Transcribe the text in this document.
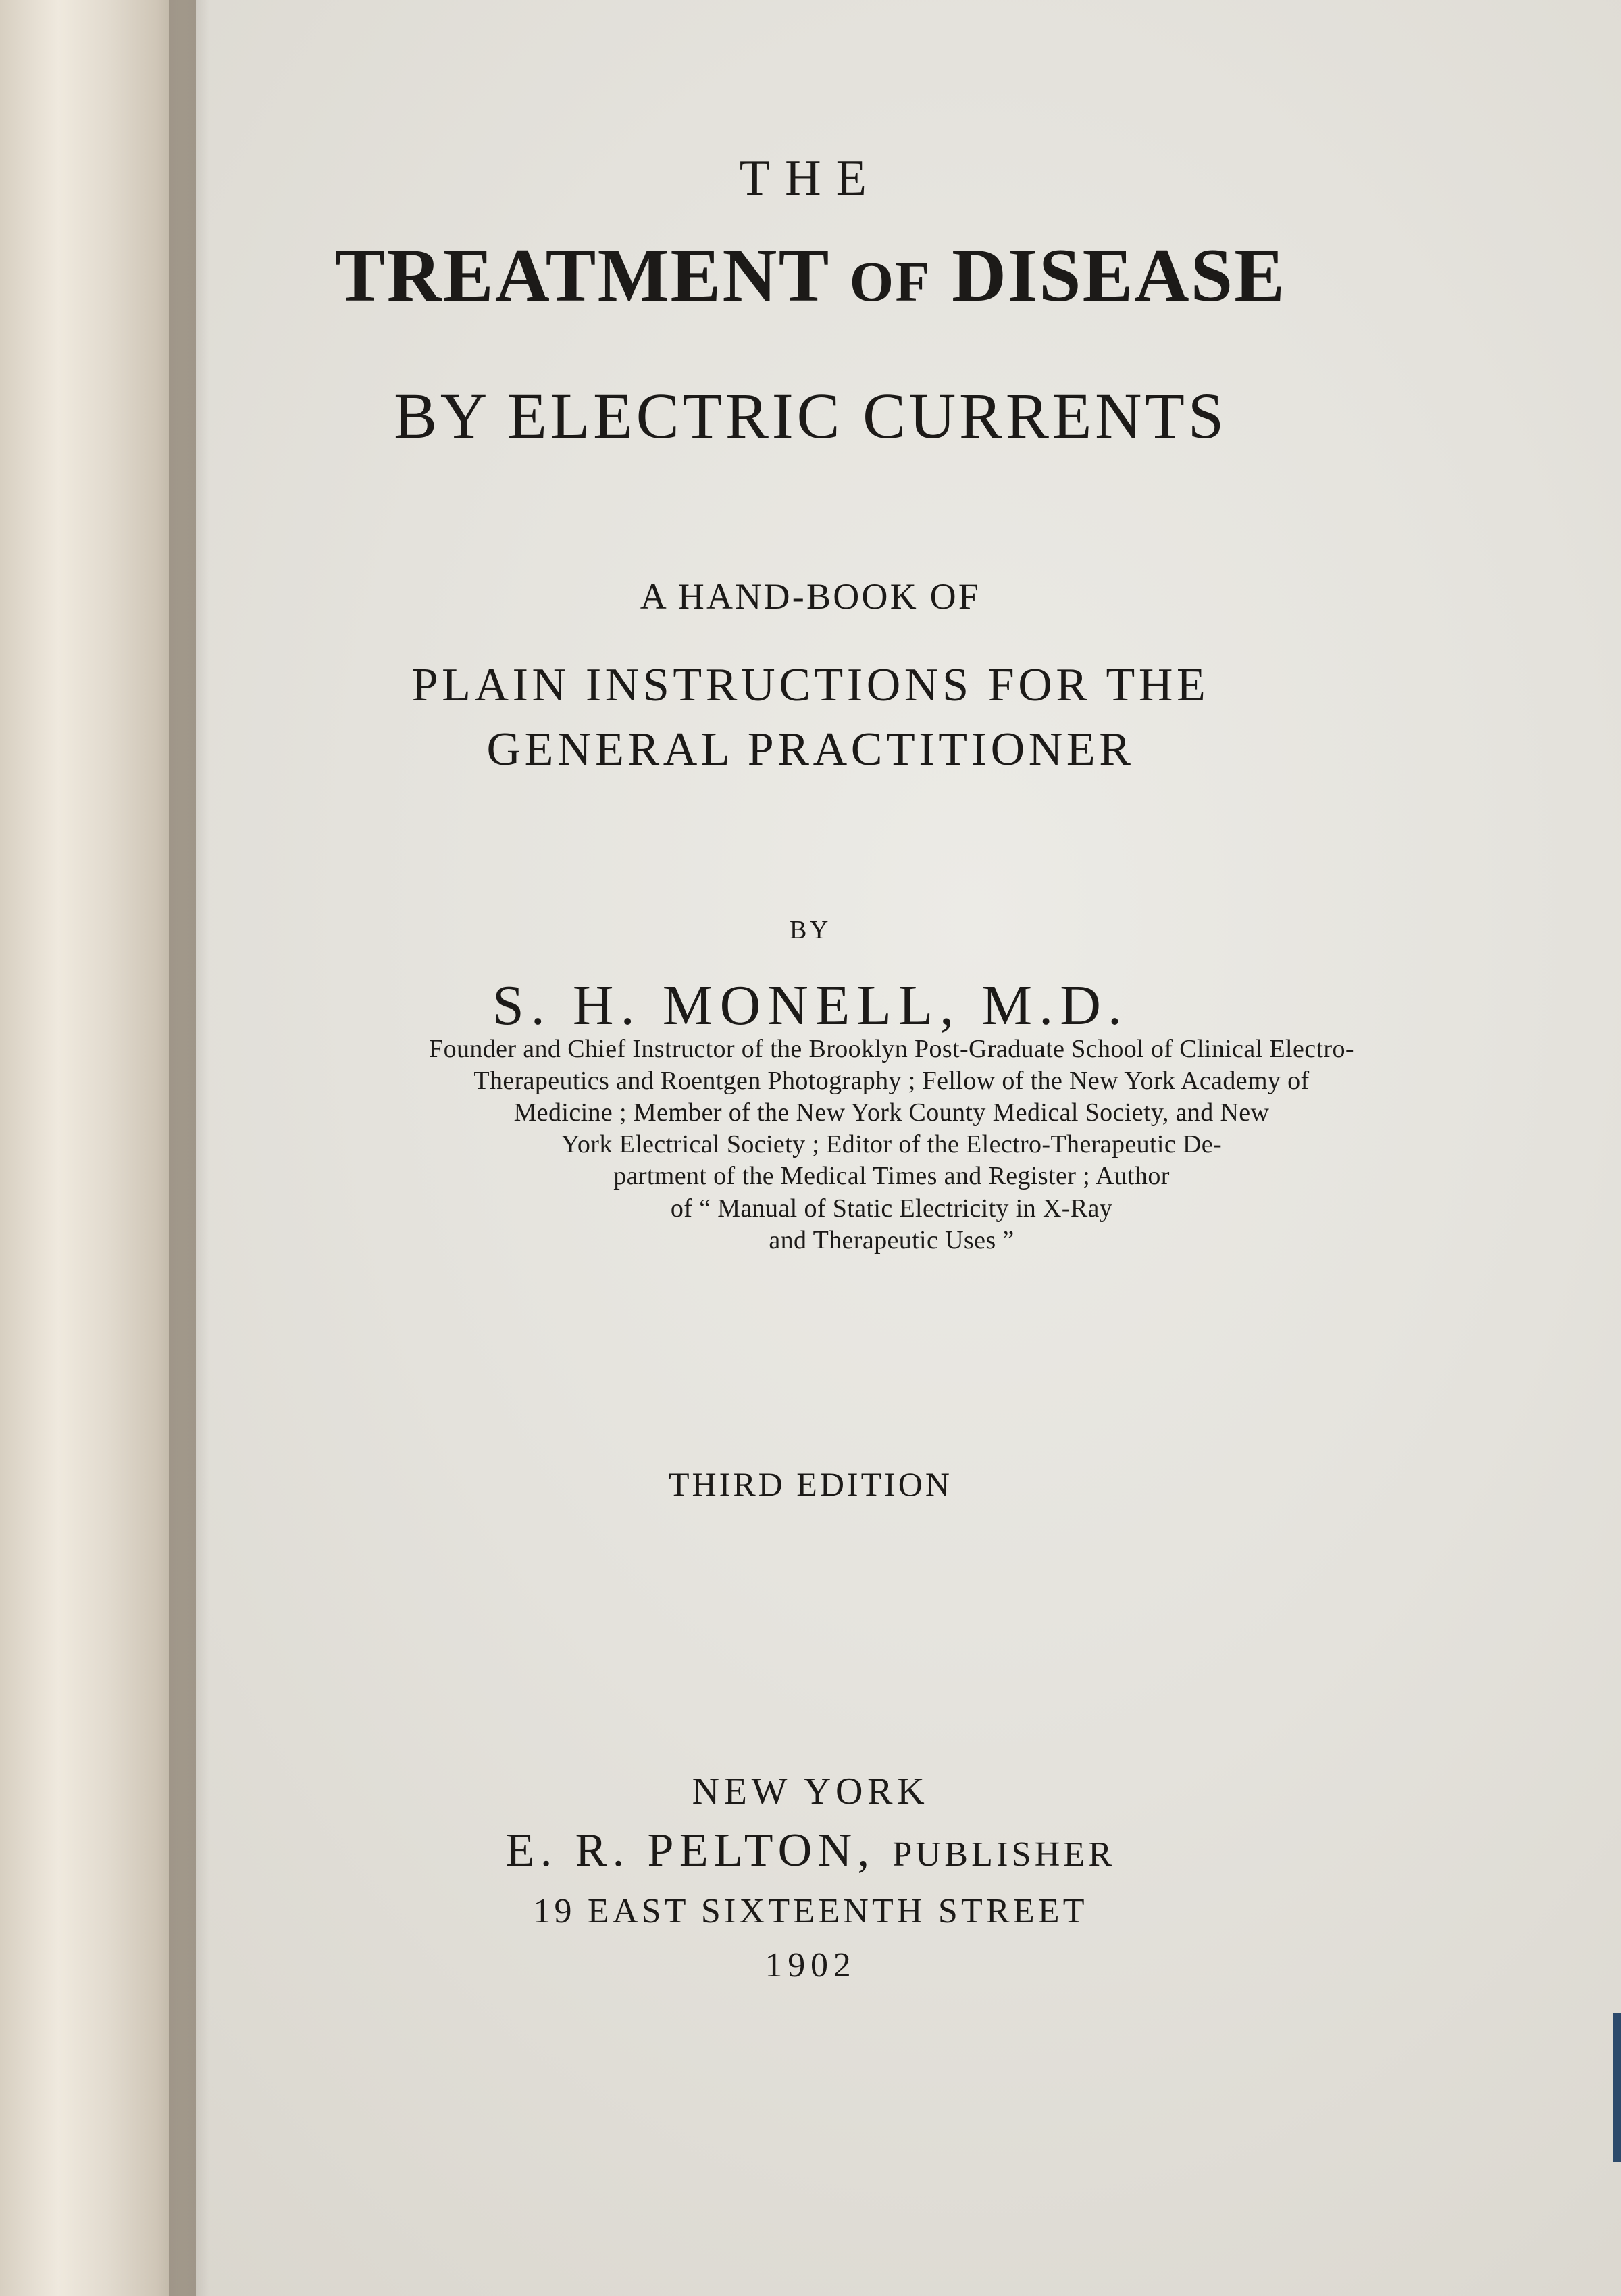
THE
TREATMENT OF DISEASE
BY ELECTRIC CURRENTS
A HAND-BOOK OF
PLAIN INSTRUCTIONS FOR THE
GENERAL PRACTITIONER
BY
S. H. MONELL, M.D.
Founder and Chief Instructor of the Brooklyn Post-Graduate School of Clinical Electro-
Therapeutics and Roentgen Photography ; Fellow of the New York Academy of
Medicine ; Member of the New York County Medical Society, and New
York Electrical Society ; Editor of the Electro-Therapeutic De-
partment of the Medical Times and Register ; Author
of “ Manual of Static Electricity in X-Ray
and Therapeutic Uses ”
THIRD EDITION
NEW YORK
E. R. PELTON, PUBLISHER
19 EAST SIXTEENTH STREET
1902
